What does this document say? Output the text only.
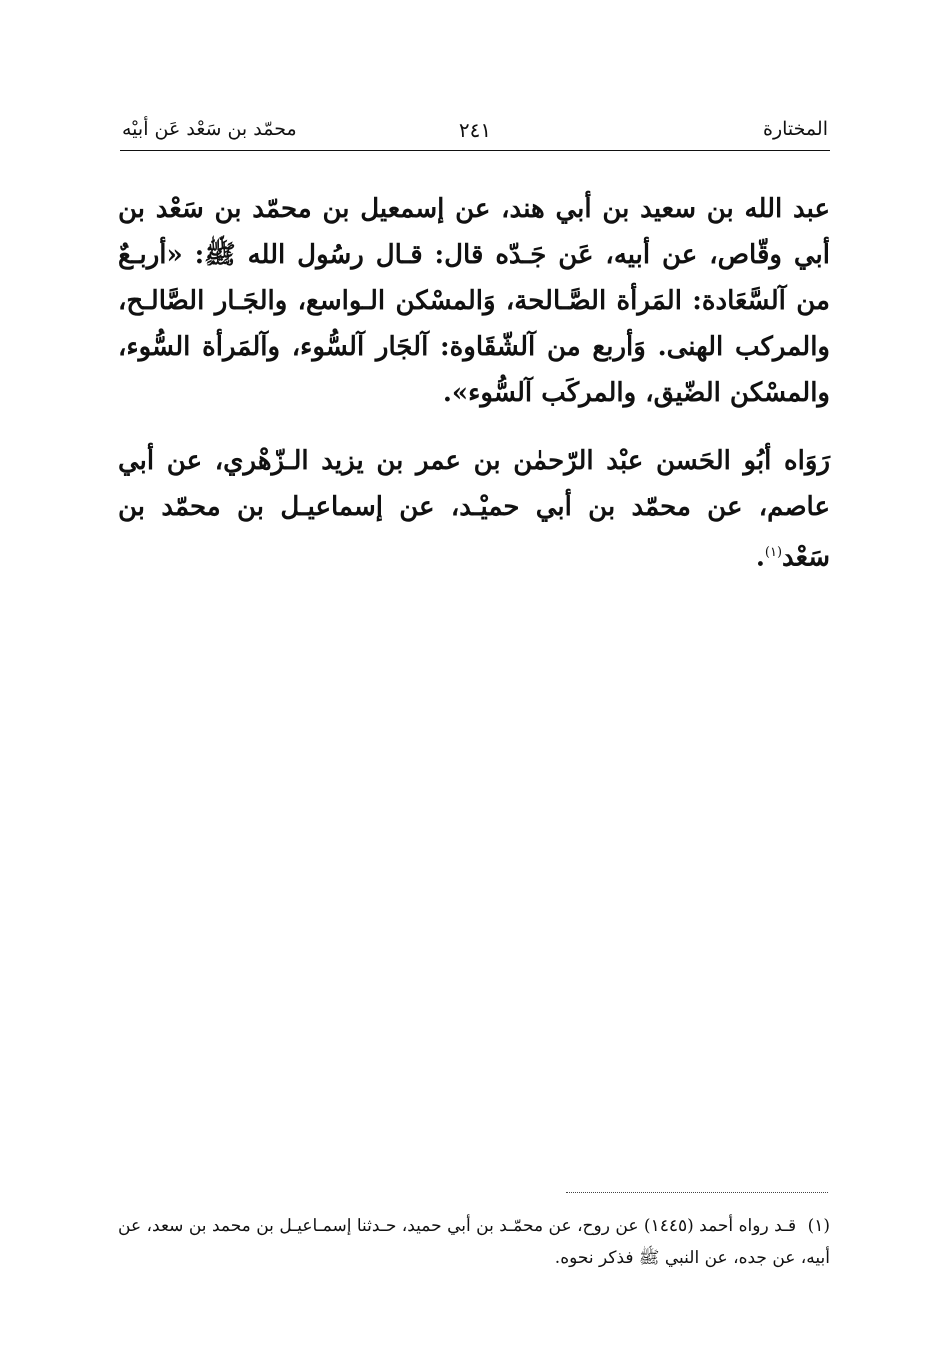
المختارة
٢٤١
محمّد بن سَعْد عَن أبيْه

عبد الله بن سعيد بن أبي هند، عن إسمعيل بن محمّد بن سَعْد بن أبي وقّاص، عن أبيه، عَن جَـدّه قال: قـال رسُول الله ﷺ: «أربـعٌ من آلسَّعَادة: المَرأة الصَّـالحة، وَالمسْكن الـواسع، والجَـار الصَّالـح، والمركب الهنى. وَأربع من آلشّقَاوة: آلجَار آلسُّوء، وآلمَرأة السُّوء، والمسْكن الضّيق، والمركَب آلسُّوء».

رَوَاه أبُو الحَسن عبْد الرّحمٰن بن عمر بن يزيد الـزّهْري، عن أبي عاصم، عن محمّد بن أبي حميْـد، عن إسماعيـل بن محمّد بن سَعْد$^{(١)}$.

(١) قـد رواه أحمد (١٤٤٥) عن روح، عن محمّـد بن أبي حميد، حـدثنا إسمـاعيـل بن محمد بن سعد، عن أبيه، عن جده، عن النبي ﷺ فذكر نحوه.
